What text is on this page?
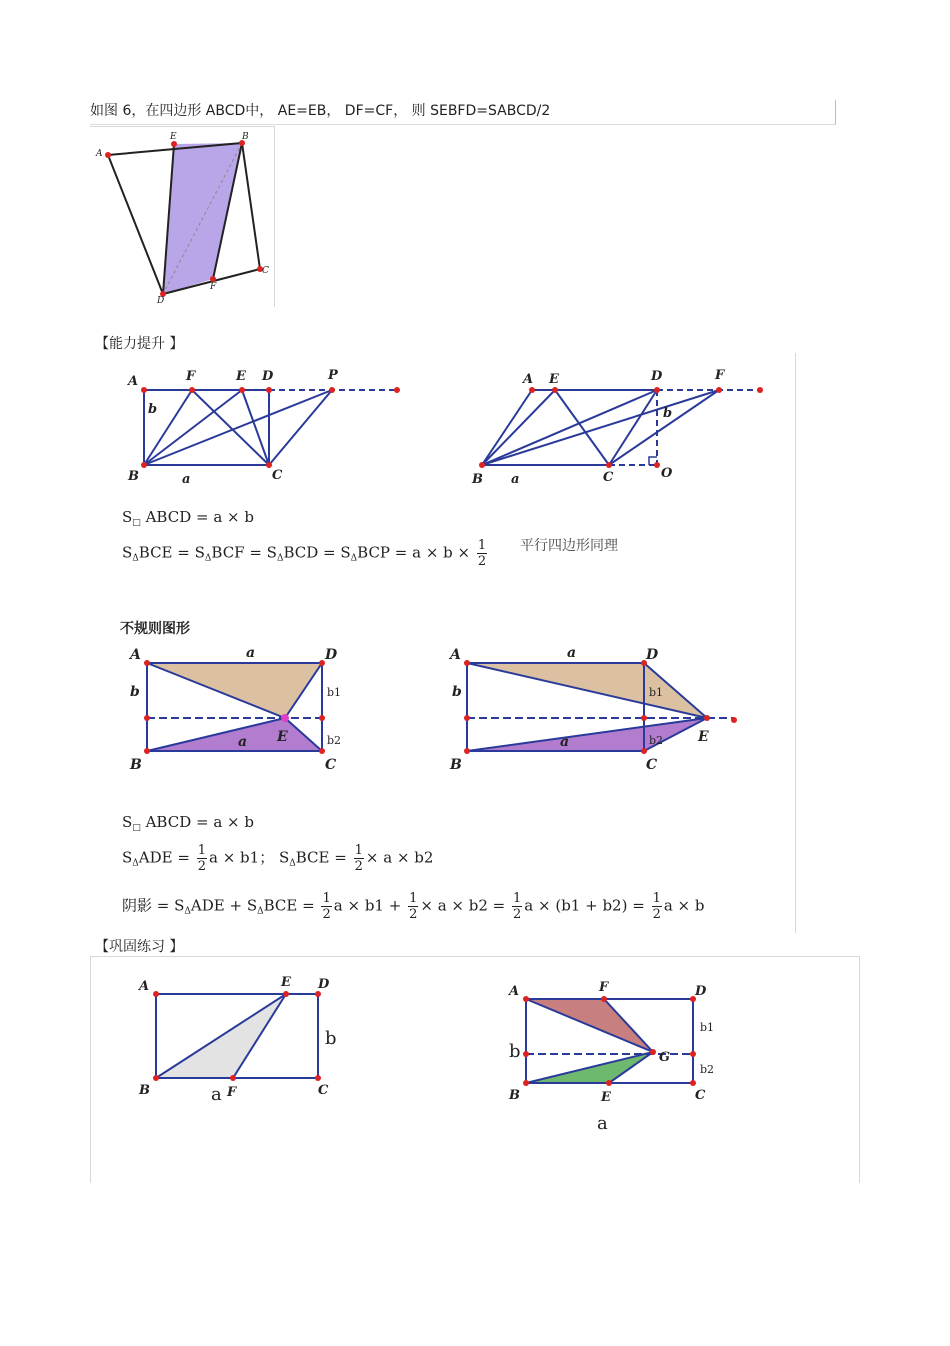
如图 6，在四边形 ABCD中， AE=EB， DF=CF， 则 SEBFD=SABCD/2
A
E	B
C
F
D
【能力提升 】
A	F	E D	P
b
B	C
a
A E	D	F
b
B	C	O
a
$S_□$ ABCD = a × b
$S_\Delta BCE = S_\Delta BCF = S_\Delta BCD = S_\Delta BCP = a \times b \times \frac{1}{2}$ 平行四边形同理
不规则图形
A	D
B	C
E
a
a
b	b1
b2
A	D
B	C
E
a
a
b	b1
b2
$S_□$ ABCD = a × b
$S_\Delta ADE = \frac{1}{2}$ a × b1； $S_\Delta BCE = \frac{1}{2} \times a \times b2$
阴影 = $S_\Delta ADE + S_\Delta BCE = \frac{1}{2}$ $a \times b1 + \frac{1}{2} \times a \times b2 = \frac{1}{2}$ $a \times (b1 + b2) = \frac{1}{2}$ a × b
【巩固练习 】
A	E D
B	F	C
a
b
A	F	D
B	E	C
G
b
a
b1
b2
